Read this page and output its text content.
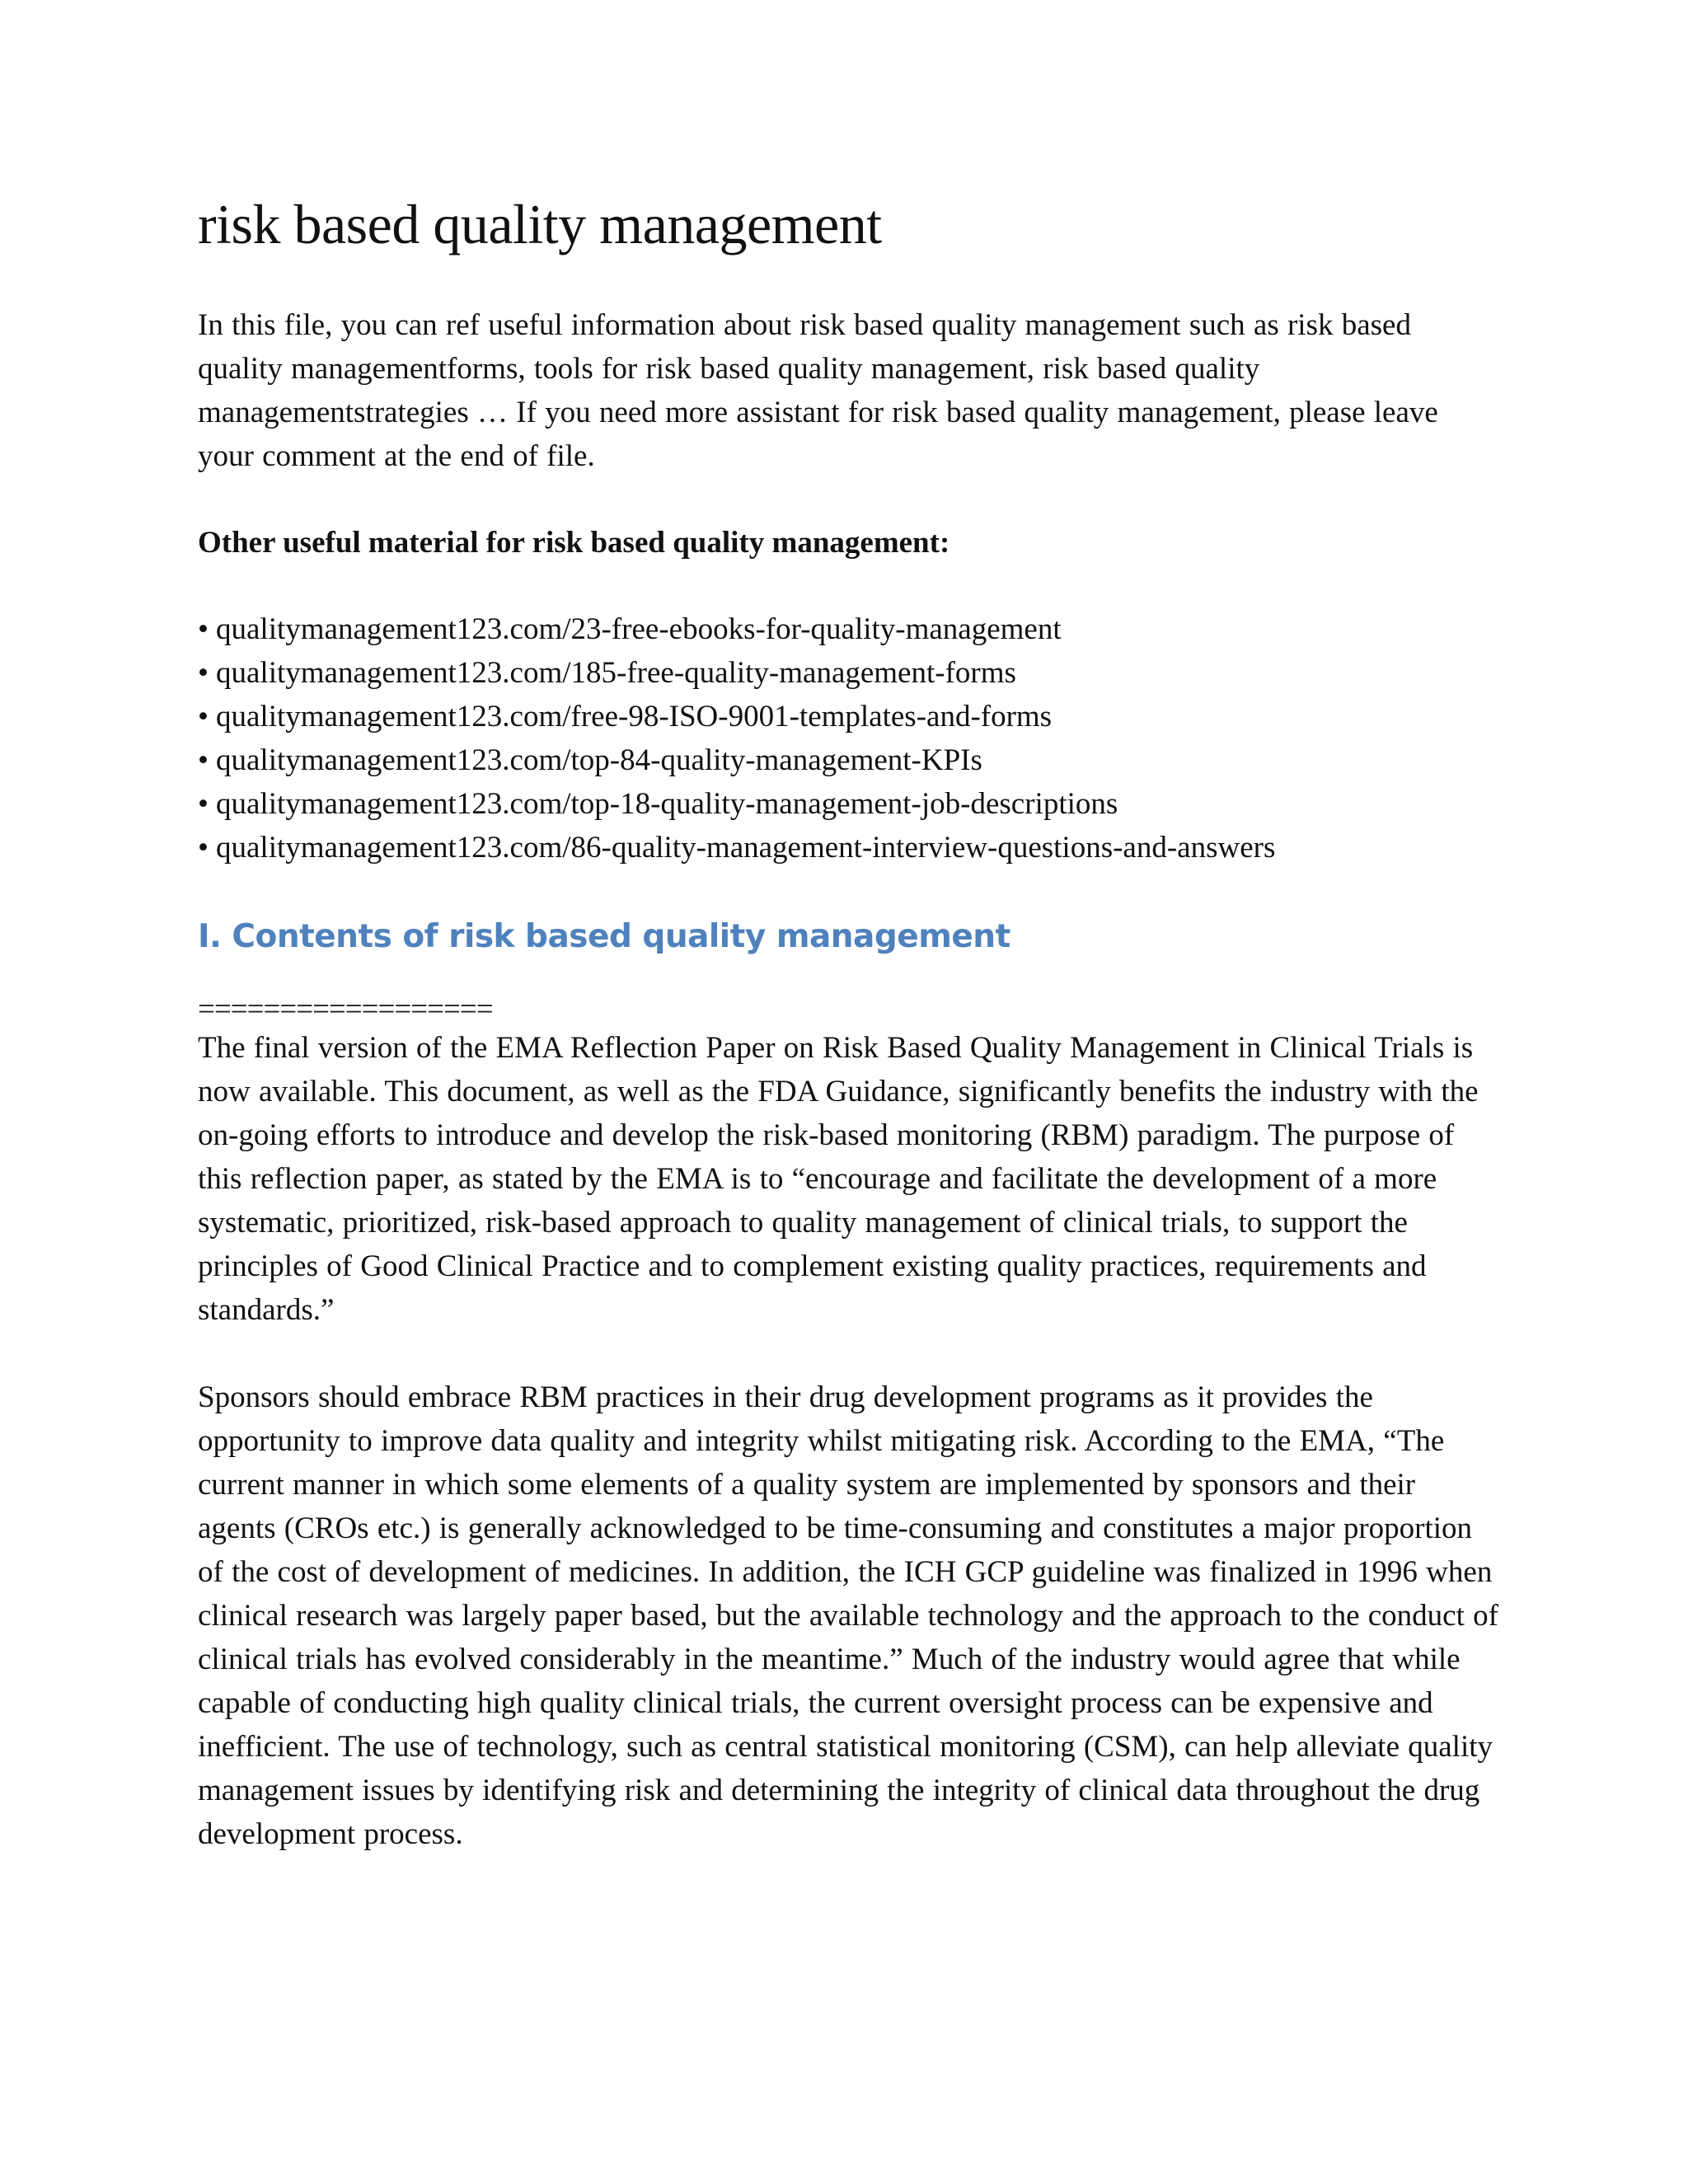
risk based quality management

In this file, you can ref useful information about risk based quality management such as risk based quality managementforms, tools for risk based quality management, risk based quality managementstrategies … If you need more assistant for risk based quality management, please leave your comment at the end of file.

Other useful material for risk based quality management:
• qualitymanagement123.com/23-free-ebooks-for-quality-management
• qualitymanagement123.com/185-free-quality-management-forms
• qualitymanagement123.com/free-98-ISO-9001-templates-and-forms
• qualitymanagement123.com/top-84-quality-management-KPIs
• qualitymanagement123.com/top-18-quality-management-job-descriptions
• qualitymanagement123.com/86-quality-management-interview-questions-and-answers
I. Contents of risk based quality management
==================

The final version of the EMA Reflection Paper on Risk Based Quality Management in Clinical Trials is now available. This document, as well as the FDA Guidance, significantly benefits the industry with the on-going efforts to introduce and develop the risk-based monitoring (RBM) paradigm. The purpose of this reflection paper, as stated by the EMA is to “encourage and facilitate the development of a more systematic, prioritized, risk-based approach to quality management of clinical trials, to support the principles of Good Clinical Practice and to complement existing quality practices, requirements and standards.”

Sponsors should embrace RBM practices in their drug development programs as it provides the opportunity to improve data quality and integrity whilst mitigating risk. According to the EMA, “The current manner in which some elements of a quality system are implemented by sponsors and their agents (CROs etc.) is generally acknowledged to be time-consuming and constitutes a major proportion of the cost of development of medicines. In addition, the ICH GCP guideline was finalized in 1996 when clinical research was largely paper based, but the available technology and the approach to the conduct of clinical trials has evolved considerably in the meantime.” Much of the industry would agree that while capable of conducting high quality clinical trials, the current oversight process can be expensive and inefficient. The use of technology, such as central statistical monitoring (CSM), can help alleviate quality management issues by identifying risk and determining the integrity of clinical data throughout the drug development process.
